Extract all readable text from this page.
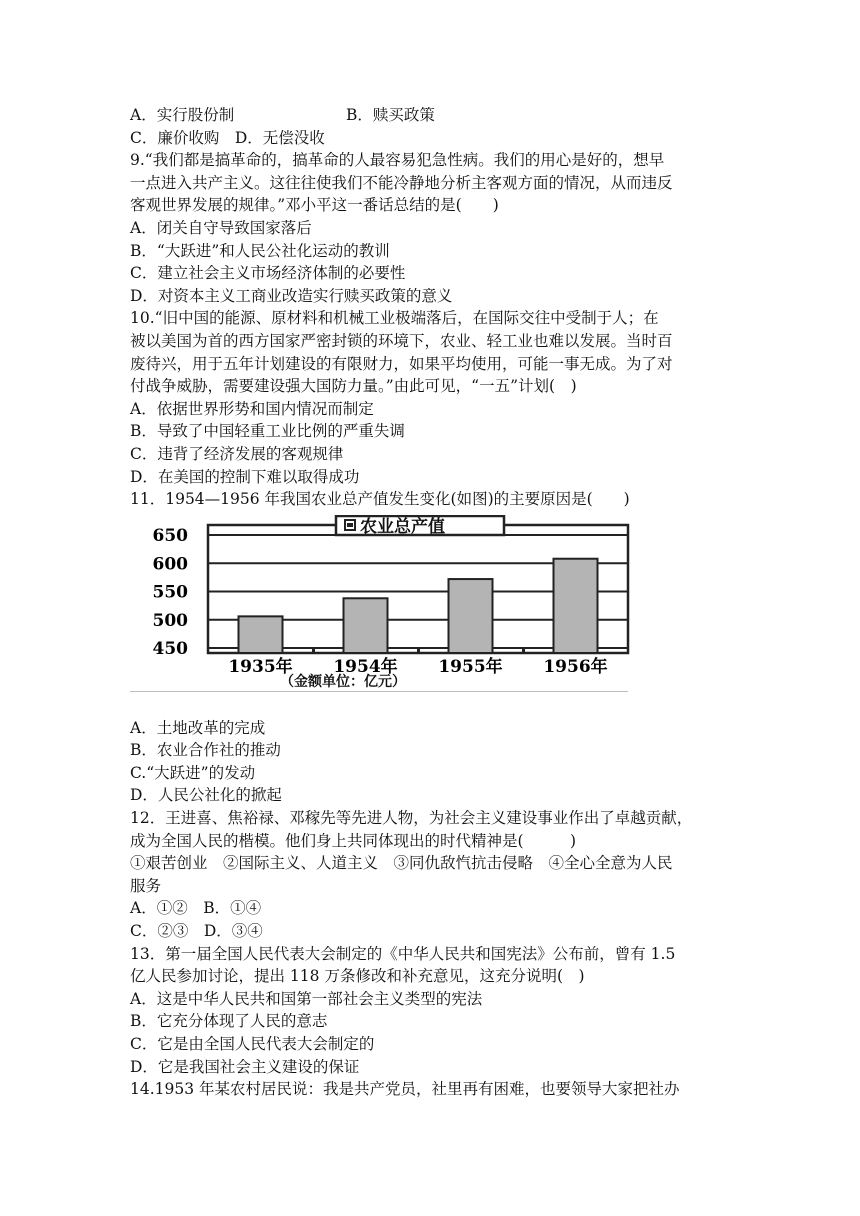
A．实行股份制	B．赎买政策
C．廉价收购　D．无偿没收
9.“我们都是搞革命的，搞革命的人最容易犯急性病。我们的用心是好的，想早
一点进入共产主义。这往往使我们不能冷静地分析主客观方面的情况，从而违反
客观世界发展的规律。”邓小平这一番话总结的是(　　)
A．闭关自守导致国家落后
B．“大跃进”和人民公社化运动的教训
C．建立社会主义市场经济体制的必要性
D．对资本主义工商业改造实行赎买政策的意义
10.“旧中国的能源、原材料和机械工业极端落后，在国际交往中受制于人；在
被以美国为首的西方国家严密封锁的环境下，农业、轻工业也难以发展。当时百
废待兴，用于五年计划建设的有限财力，如果平均使用，可能一事无成。为了对
付战争威胁，需要建设强大国防力量。”由此可见，“一五”计划(　)
A．依据世界形势和国内情况而制定
B．导致了中国轻重工业比例的严重失调
C．违背了经济发展的客观规律
D．在美国的控制下难以取得成功
11．1954—1956 年我国农业总产值发生变化(如图)的主要原因是(　　)
650
600
550
500
450
1935年 1954年 1955年 1956年
农业总产值
（金额单位：亿元）
A．土地改革的完成
B．农业合作社的推动
C.“大跃进”的发动
D．人民公社化的掀起
12．王进喜、焦裕禄、邓稼先等先进人物，为社会主义建设事业作出了卓越贡献，
成为全国人民的楷模。他们身上共同体现出的时代精神是(　　　)
①艰苦创业　②国际主义、人道主义　③同仇敌忾抗击侵略　④全心全意为人民
服务
A．①②　B．①④
C．②③　D．③④
13．第一届全国人民代表大会制定的《中华人民共和国宪法》公布前，曾有 1.5
亿人民参加讨论，提出 118 万条修改和补充意见，这充分说明(　)
A．这是中华人民共和国第一部社会主义类型的宪法
B．它充分体现了人民的意志
C．它是由全国人民代表大会制定的
D．它是我国社会主义建设的保证
14.1953 年某农村居民说：我是共产党员，社里再有困难，也要领导大家把社办
